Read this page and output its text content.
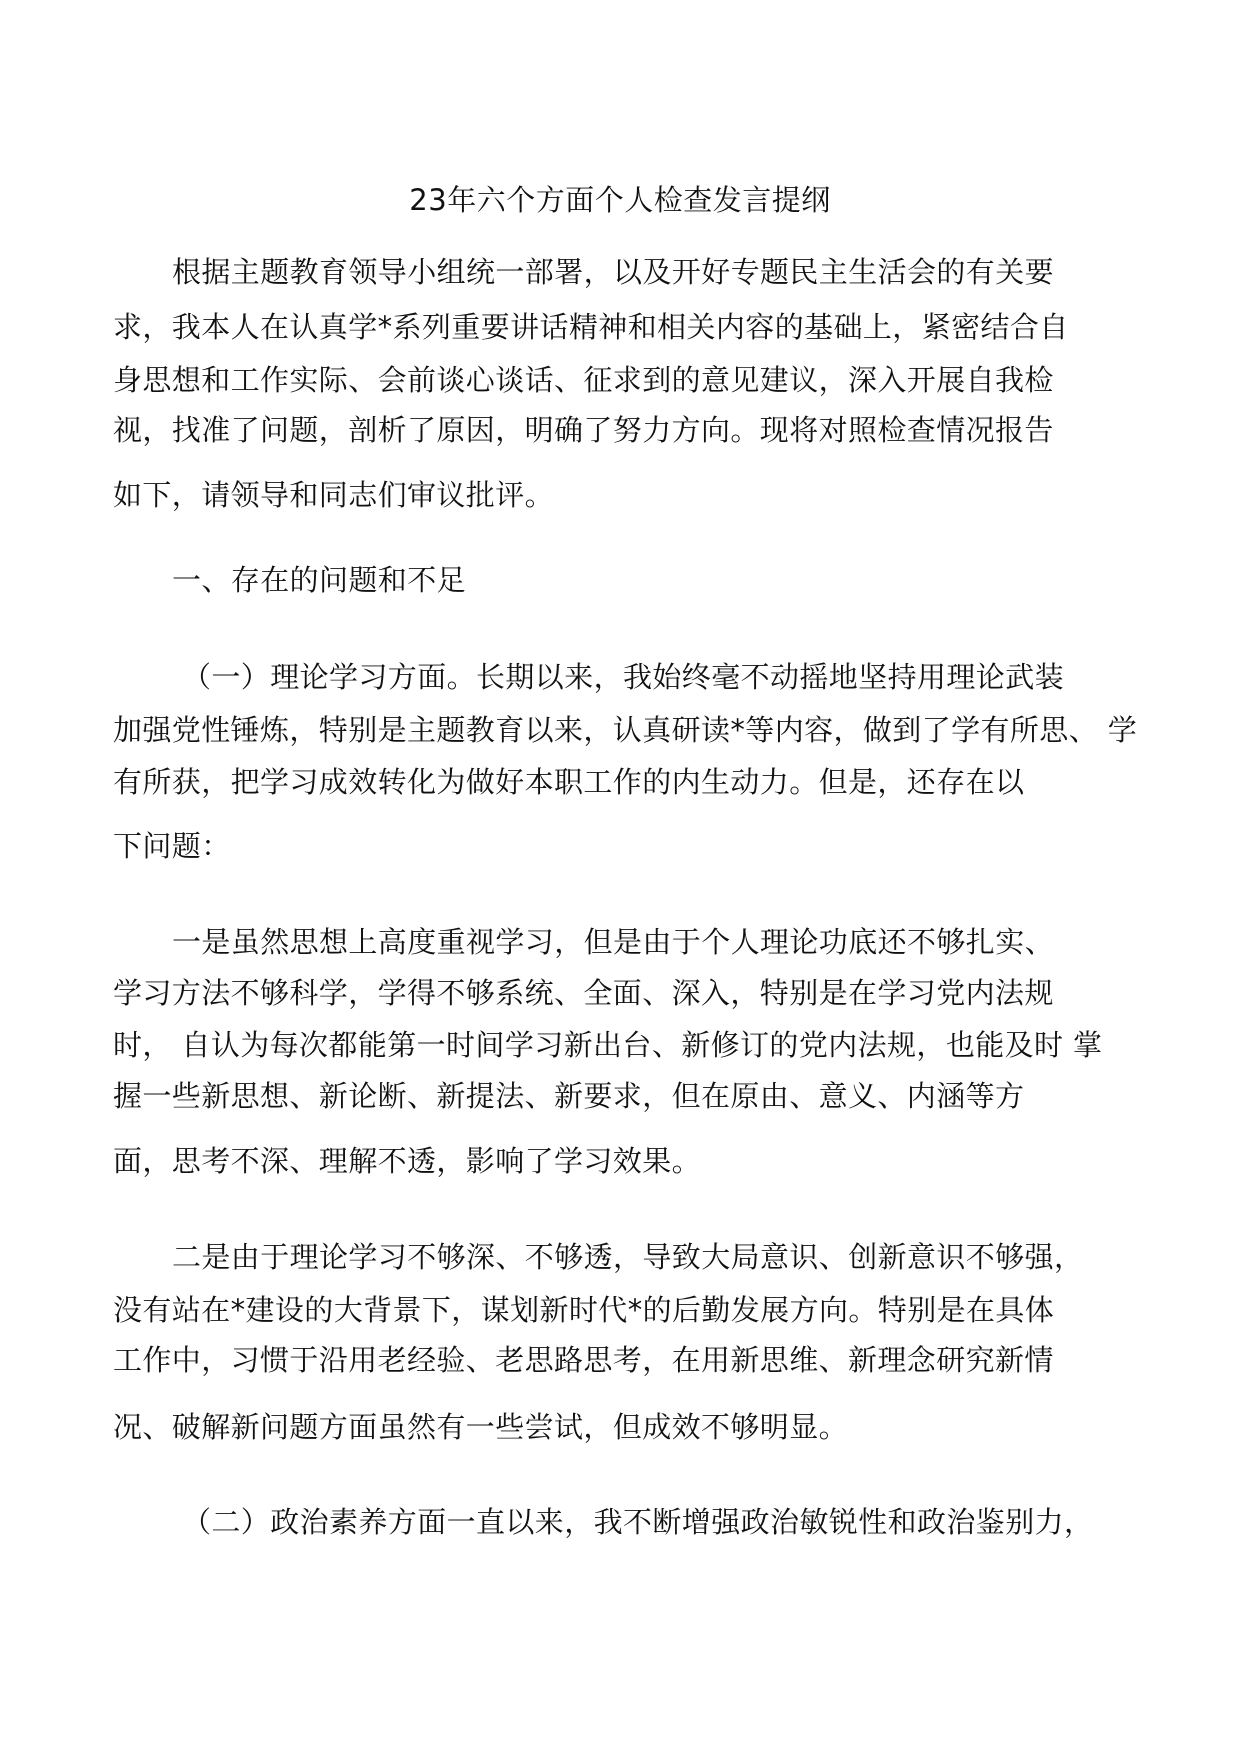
23年六个方面个人检查发言提纲
根据主题教育领导小组统一部署，以及开好专题民主生活会的有关要
求，我本人在认真学*系列重要讲话精神和相关内容的基础上，紧密结合自
身思想和工作实际、会前谈心谈话、征求到的意见建议，深入开展自我检
视，找准了问题，剖析了原因，明确了努力方向。现将对照检查情况报告
如下，请领导和同志们审议批评。
一、存在的问题和不足
（一）理论学习方面。长期以来，我始终毫不动摇地坚持用理论武装
加强党性锤炼，特别是主题教育以来，认真研读*等内容，做到了学有所思、 学
有所获，把学习成效转化为做好本职工作的内生动力。但是，还存在以
下问题：
一是虽然思想上高度重视学习，但是由于个人理论功底还不够扎实、
学习方法不够科学，学得不够系统、全面、深入，特别是在学习党内法规
时， 自认为每次都能第一时间学习新出台、新修订的党内法规，也能及时 掌
握一些新思想、新论断、新提法、新要求，但在原由、意义、内涵等方
面，思考不深、理解不透，影响了学习效果。
二是由于理论学习不够深、不够透，导致大局意识、创新意识不够强，
没有站在*建设的大背景下，谋划新时代*的后勤发展方向。特别是在具体
工作中，习惯于沿用老经验、老思路思考，在用新思维、新理念研究新情
况、破解新问题方面虽然有一些尝试，但成效不够明显。
（二）政治素养方面一直以来，我不断增强政治敏锐性和政治鉴别力，
